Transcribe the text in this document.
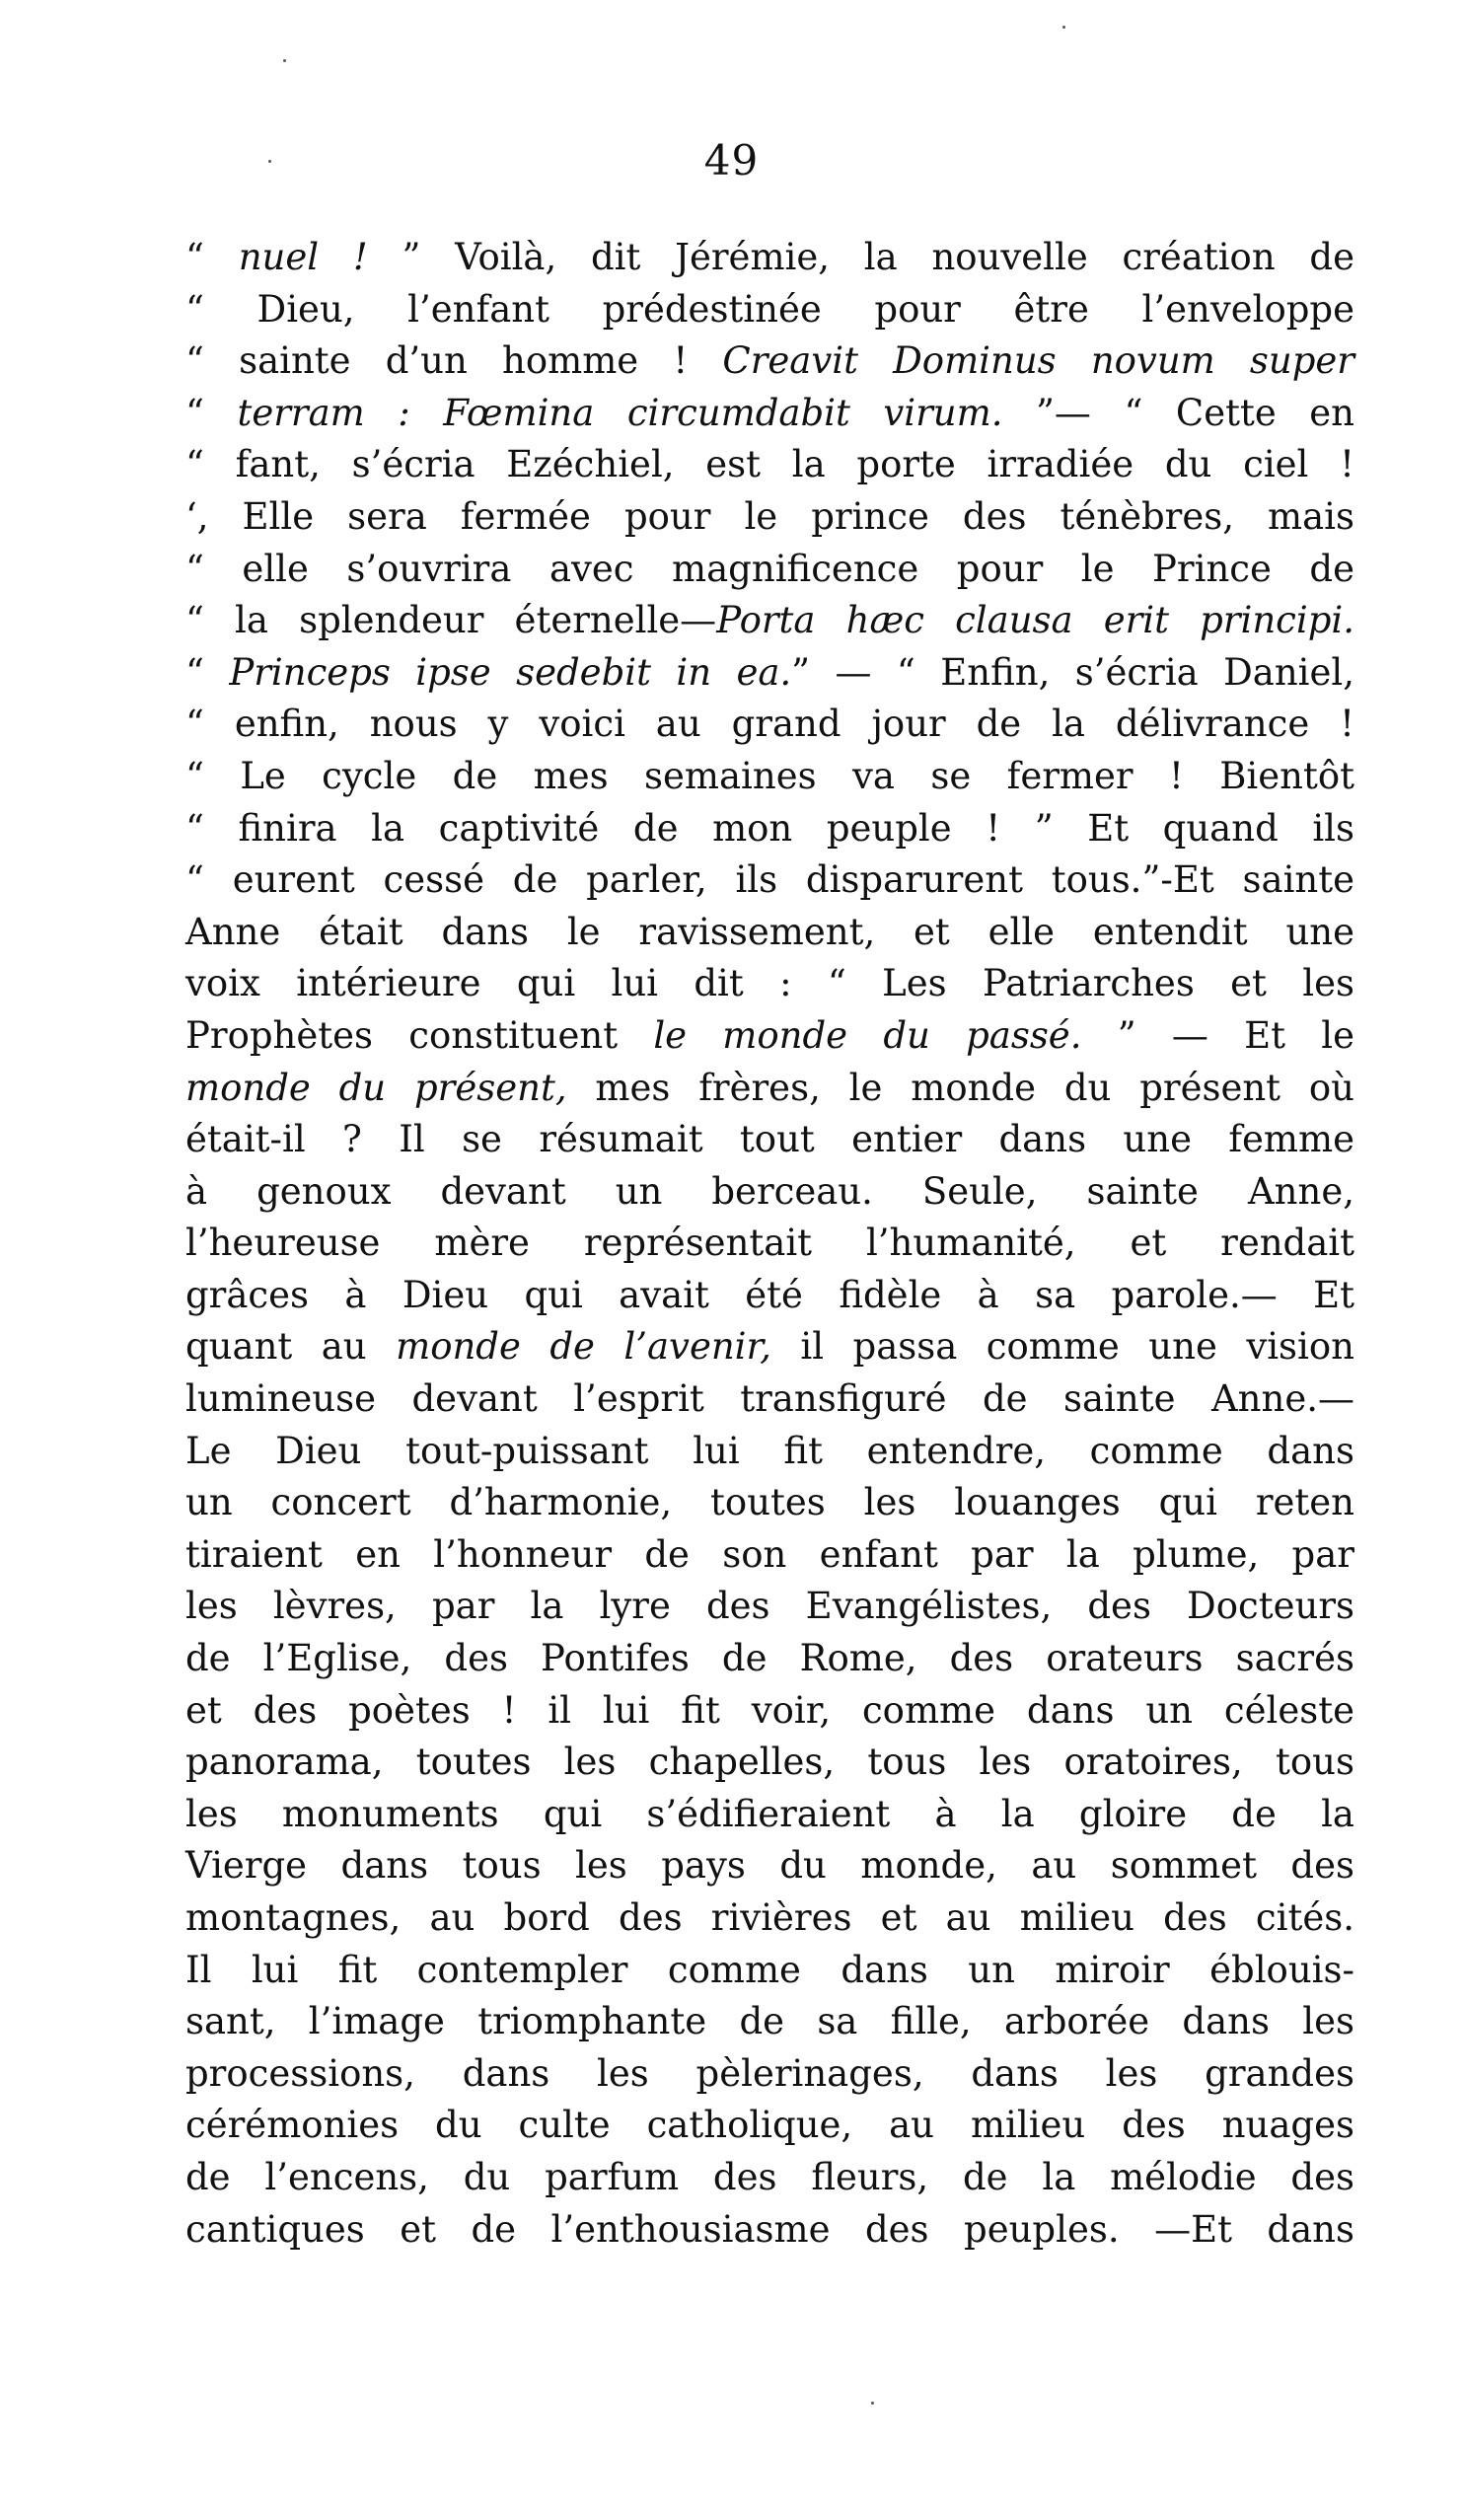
49
“ nuel ! ” Voilà, dit Jérémie, la nouvelle création de
“ Dieu, l’enfant prédestinée pour être l’enveloppe
“ sainte d’un homme ! Creavit Dominus novum super
“ terram : Fœmina circumdabit virum. ”— “ Cette en
“ fant, s’écria Ezéchiel, est la porte irradiée du ciel !
‘, Elle sera fermée pour le prince des ténèbres, mais
“ elle s’ouvrira avec magnificence pour le Prince de
“ la splendeur éternelle—Porta hæc clausa erit principi.
“ Princeps ipse sedebit in ea.” — “ Enfin, s’écria Daniel,
“ enfin, nous y voici au grand jour de la délivrance !
“ Le cycle de mes semaines va se fermer ! Bientôt
“ finira la captivité de mon peuple ! ” Et quand ils
“ eurent cessé de parler, ils disparurent tous.”-Et sainte
Anne était dans le ravissement, et elle entendit une
voix intérieure qui lui dit : “ Les Patriarches et les
Prophètes constituent le monde du passé. ” — Et le
monde du présent, mes frères, le monde du présent où
était-il ? Il se résumait tout entier dans une femme
à genoux devant un berceau. Seule, sainte Anne,
l’heureuse mère représentait l’humanité, et rendait
grâces à Dieu qui avait été fidèle à sa parole.— Et
quant au monde de l’avenir, il passa comme une vision
lumineuse devant l’esprit transfiguré de sainte Anne.—
Le Dieu tout-puissant lui fit entendre, comme dans
un concert d’harmonie, toutes les louanges qui reten
tiraient en l’honneur de son enfant par la plume, par
les lèvres, par la lyre des Evangélistes, des Docteurs
de l’Eglise, des Pontifes de Rome, des orateurs sacrés
et des poètes ! il lui fit voir, comme dans un céleste
panorama, toutes les chapelles, tous les oratoires, tous
les monuments qui s’édifieraient à la gloire de la
Vierge dans tous les pays du monde, au sommet des
montagnes, au bord des rivières et au milieu des cités.
Il lui fit contempler comme dans un miroir éblouis-
sant, l’image triomphante de sa fille, arborée dans les
processions, dans les pèlerinages, dans les grandes
cérémonies du culte catholique, au milieu des nuages
de l’encens, du parfum des fleurs, de la mélodie des
cantiques et de l’enthousiasme des peuples. —Et dans
